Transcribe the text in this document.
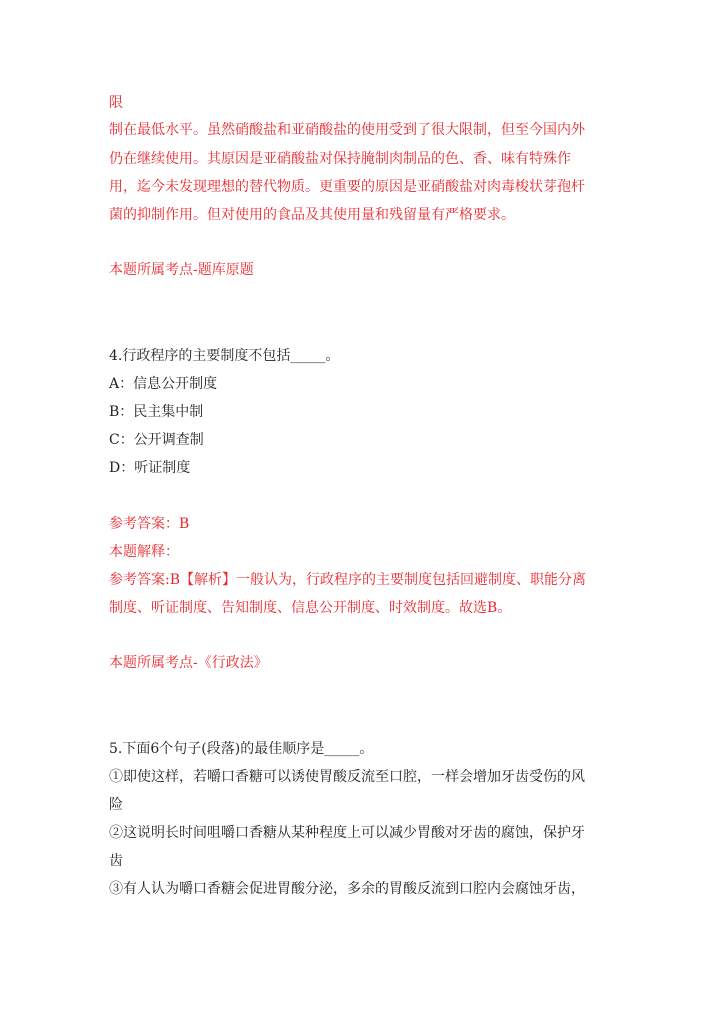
限
制在最低水平。虽然硝酸盐和亚硝酸盐的使用受到了很大限制，但至今国内外
仍在继续使用。其原因是亚硝酸盐对保持腌制肉制品的色、香、味有特殊作
用，迄今未发现理想的替代物质。更重要的原因是亚硝酸盐对肉毒梭状芽孢杆
菌的抑制作用。但对使用的食品及其使用量和残留量有严格要求。
本题所属考点-题库原题
4.行政程序的主要制度不包括_____。
A：信息公开制度
B：民主集中制
C：公开调查制
D：听证制度
参考答案：B
本题解释：
参考答案:B【解析】一般认为，行政程序的主要制度包括回避制度、职能分离
制度、听证制度、告知制度、信息公开制度、时效制度。故选B。
本题所属考点-《行政法》
5.下面6个句子(段落)的最佳顺序是_____。
①即使这样，若嚼口香糖可以诱使胃酸反流至口腔，一样会增加牙齿受伤的风
险
②这说明长时间咀嚼口香糖从某种程度上可以减少胃酸对牙齿的腐蚀，保护牙
齿
③有人认为嚼口香糖会促进胃酸分泌，多余的胃酸反流到口腔内会腐蚀牙齿，
